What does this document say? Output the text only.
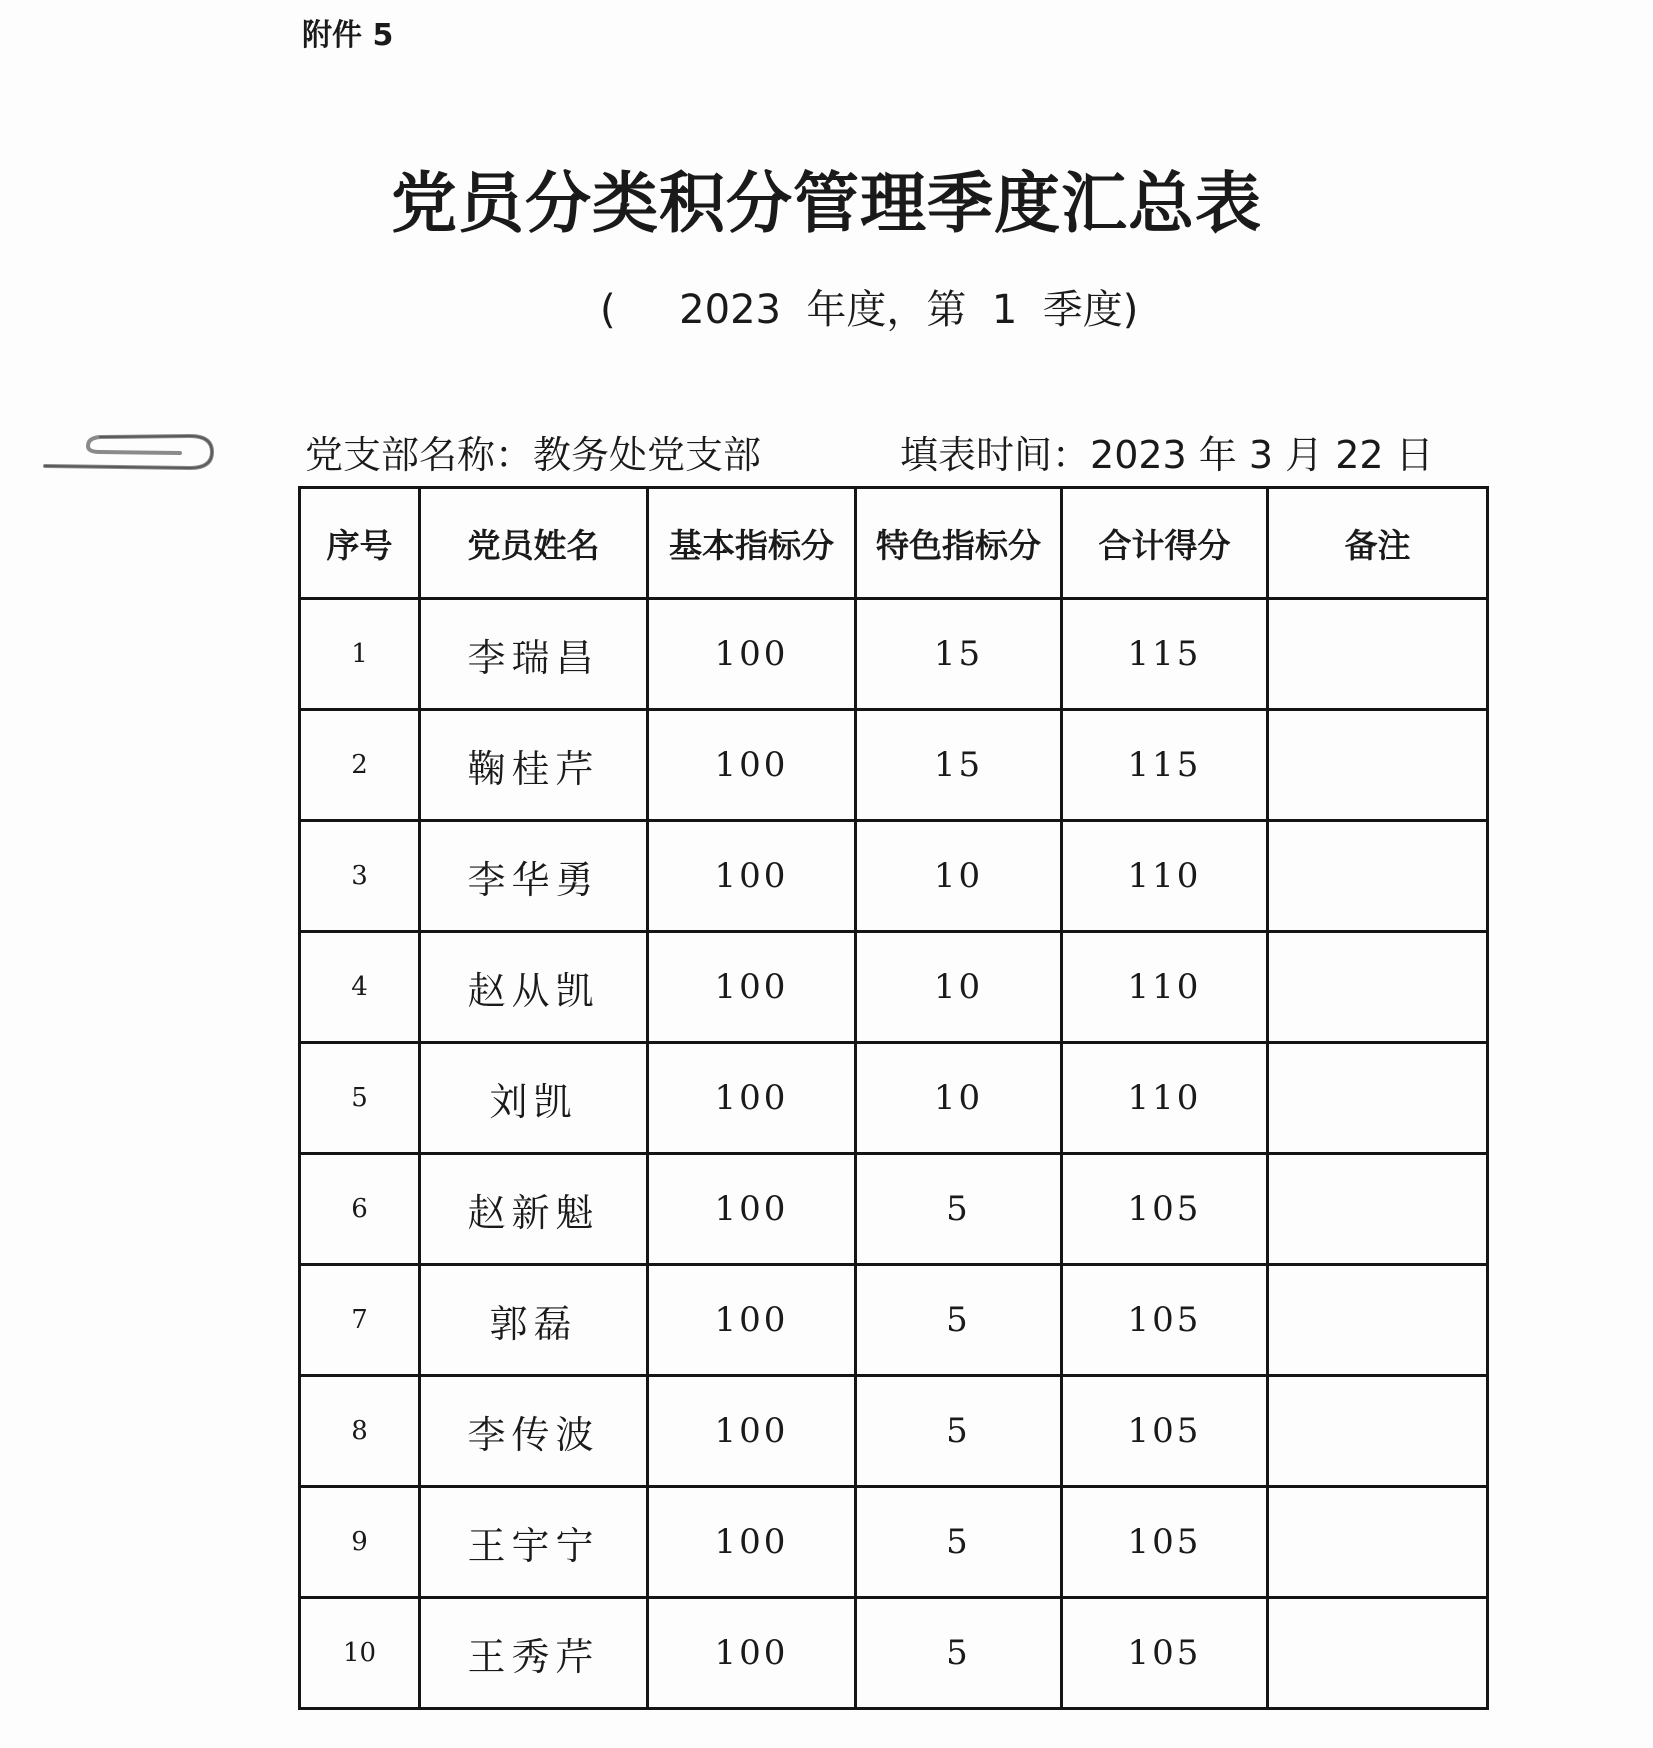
附件 5
党员分类积分管理季度汇总表
(     2023  年度，第  1  季度)
党支部名称：教务处党支部	填表时间：2023 年 3 月 22 日
序号	党员姓名	基本指标分	特色指标分	合计得分	备注
1	李瑞昌	100	15	115	
2	鞠桂芹	100	15	115	
3	李华勇	100	10	110	
4	赵从凯	100	10	110	
5	刘凯	100	10	110	
6	赵新魁	100	5	105	
7	郭磊	100	5	105	
8	李传波	100	5	105	
9	王宇宁	100	5	105	
10	王秀芹	100	5	105	
